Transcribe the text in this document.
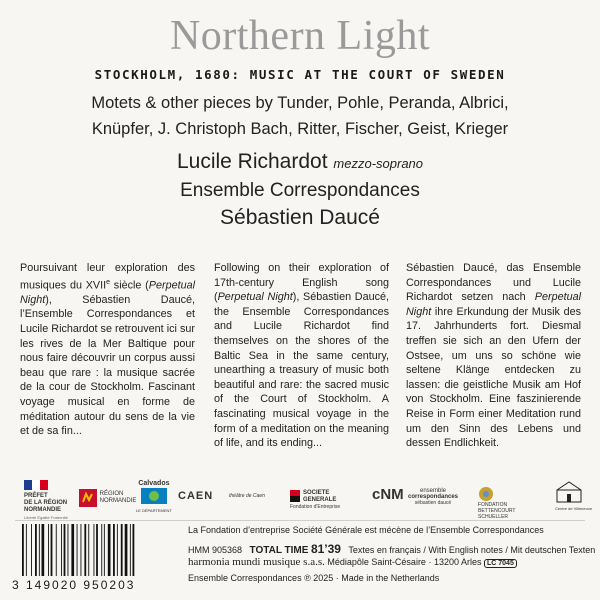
Northern Light
STOCKHOLM, 1680: MUSIC AT THE COURT OF SWEDEN
Motets & other pieces by Tunder, Pohle, Peranda, Albrici,
Knüpfer, J. Christoph Bach, Ritter, Fischer, Geist, Krieger
Lucile Richardot mezzo-soprano
Ensemble Correspondances
Sébastien Daucé
Poursuivant leur exploration des musiques du XVIIe siècle (Perpetual Night), Sébastien Daucé, l’Ensemble Correspondances et Lucile Richardot se retrouvent ici sur les rives de la Mer Baltique pour nous faire découvrir un corpus aussi beau que rare : la musique sacrée de la cour de Stockholm. Fascinant voyage musical en forme de méditation autour du sens de la vie et de sa fin...
Following on their exploration of 17th-century English song (Perpetual Night), Sébastien Daucé, the Ensemble Correspondances and Lucile Richardot find themselves on the shores of the Baltic Sea in the same century, unearthing a treasury of music both beautiful and rare: the sacred music of the Court of Stockholm. A fascinating musical voyage in the form of a meditation on the meaning of life, and its ending...
Sébastien Daucé, das Ensemble Correspondances und Lucile Richardot setzen nach Perpetual Night ihre Erkundung der Musik des 17. Jahrhunderts fort. Diesmal treffen sie sich an den Ufern der Ostsee, um uns so schöne wie seltene Klänge entdecken zu lassen: die geistliche Musik am Hof von Stockholm. Eine faszinierende Reise in Form einer Meditation rund um den Sinn des Lebens und dessen Endlichkeit.
PRÉFET
DE LA RÉGION
NORMANDIE
Liberté Égalité Fraternité
RÉGION
NORMANDIE
Calvados
LE DÉPARTEMENT
CAEN	théâtre de Caen	SOCIETE GENERALE
Fondation d'Entreprise
cNM	ensemble
correspondances
sébastien daucé	FONDATION
BETTENCOURT
SCHUELLER
Centre de Villeneuve
3 149020 950203
La Fondation d’entreprise Société Générale est mécène de l’Ensemble Correspondances
HMM 905368 TOTAL TIME 81’39 Textes en français / With English notes / Mit deutschen Texten
harmonia mundi musique s.a.s. Médiapôle Saint-Césaire · 13200 Arles LC 7045
Ensemble Correspondances ℗ 2025 · Made in the Netherlands
